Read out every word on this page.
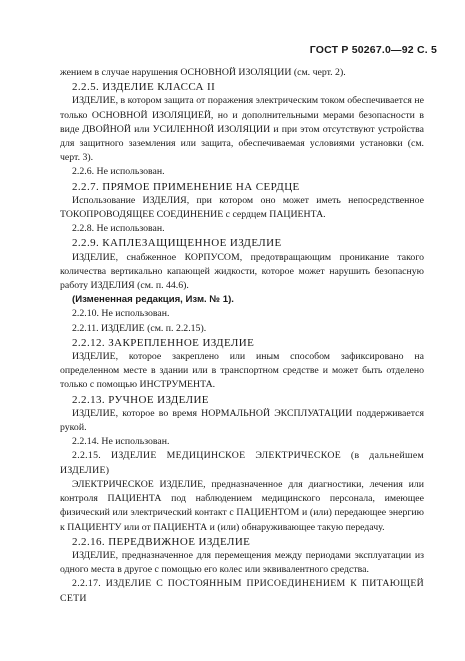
ГОСТ Р 50267.0—92 С. 5

жением в случае нарушения ОСНОВНОЙ ИЗОЛЯЦИИ (см. черт. 2).

2.2.5. ИЗДЕЛИЕ КЛАССА II

ИЗДЕЛИЕ, в котором защита от поражения электрическим током обеспечивается не только ОСНОВНОЙ ИЗОЛЯЦИЕЙ, но и дополнительными мерами безопасности в виде ДВОЙНОЙ или УСИЛЕННОЙ ИЗОЛЯЦИИ и при этом отсутствуют устройства для защитного заземления или защита, обеспечиваемая условиями установки (см. черт. 3).

2.2.6. Не использован.

2.2.7. ПРЯМОЕ ПРИМЕНЕНИЕ НА СЕРДЦЕ

Использование ИЗДЕЛИЯ, при котором оно может иметь непосредственное ТОКОПРОВОДЯЩЕЕ СОЕДИНЕНИЕ с сердцем ПАЦИЕНТА.

2.2.8. Не использован.

2.2.9. КАПЛЕЗАЩИЩЕННОЕ ИЗДЕЛИЕ

ИЗДЕЛИЕ, снабженное КОРПУСОМ, предотвращающим проникание такого количества вертикально капающей жидкости, которое может нарушить безопасную работу ИЗДЕЛИЯ (см. п. 44.6).

(Измененная редакция, Изм. № 1).

2.2.10. Не использован.

2.2.11. ИЗДЕЛИЕ (см. п. 2.2.15).

2.2.12. ЗАКРЕПЛЕННОЕ ИЗДЕЛИЕ

ИЗДЕЛИЕ, которое закреплено или иным способом зафиксировано на определенном месте в здании или в транспортном средстве и может быть отделено только с помощью ИНСТРУМЕНТА.

2.2.13. РУЧНОЕ ИЗДЕЛИЕ

ИЗДЕЛИЕ, которое во время НОРМАЛЬНОЙ ЭКСПЛУАТАЦИИ поддерживается рукой.

2.2.14. Не использован.

2.2.15. ИЗДЕЛИЕ МЕДИЦИНСКОЕ ЭЛЕКТРИЧЕСКОЕ (в дальнейшем ИЗДЕЛИЕ)

ЭЛЕКТРИЧЕСКОЕ ИЗДЕЛИЕ, предназначенное для диагностики, лечения или контроля ПАЦИЕНТА под наблюдением медицинского персонала, имеющее физический или электрический контакт с ПАЦИЕНТОМ и (или) передающее энергию к ПАЦИЕНТУ или от ПАЦИЕНТА и (или) обнаруживающее такую передачу.

2.2.16. ПЕРЕДВИЖНОЕ ИЗДЕЛИЕ

ИЗДЕЛИЕ, предназначенное для перемещения между периодами эксплуатации из одного места в другое с помощью его колес или эквивалентного средства.

2.2.17. ИЗДЕЛИЕ С ПОСТОЯННЫМ ПРИСОЕДИНЕНИЕМ К ПИТАЮЩЕЙ СЕТИ
